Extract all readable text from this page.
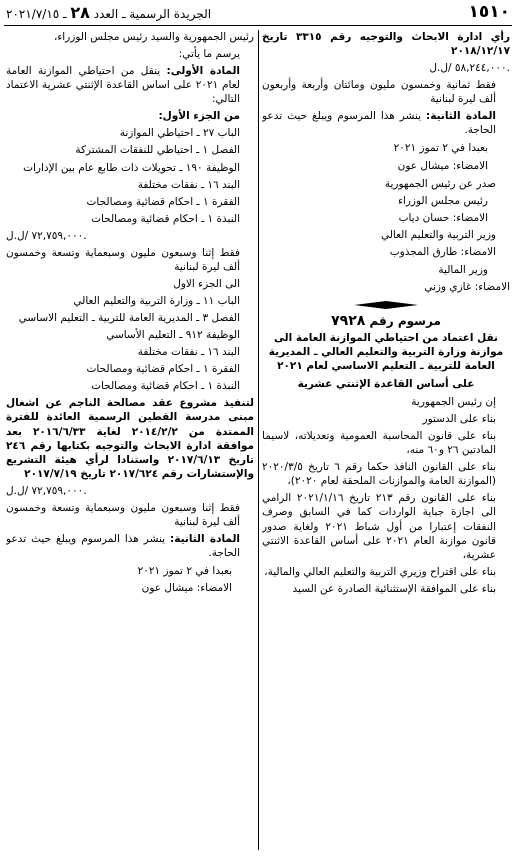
١٥١٠
الجريدة الرسمية ـ العدد ٢٨ ـ ٢٠٢١/٧/١٥

رأي ادارة الابحاث والتوجيه رقم ٣٣١٥ تاريخ ٢٠١٨/١٢/١٧

٥٨,٢٤٤,٠٠٠ /ل.ل.

فقط ثمانية وخمسون مليون ومائتان وأربعة وأربعون ألف ليرة لبنانية

المادة الثانية: ينشر هذا المرسوم ويبلغ حيث تدعو الحاجة.

بعبدا في ٢ تموز ٢٠٢١

الامضاء: ميشال عون

صدر عن رئيس الجمهورية

رئيس مجلس الوزراء

الامضاء: حسان دياب

وزير التربية والتعليم العالي

الامضاء: طارق المجذوب

وزير المالية

الامضاء: غازي وزني

مرسوم رقم ٧٩٢٨

نقل اعتماد من احتياطي الموازنة العامة الى موازنة وزارة التربية والتعليم العالي ـ المديرية العامة للتربية ـ التعليم الاساسي لعام ٢٠٢١

على أساس القاعدة الإثنتي عشرية

إن رئيس الجمهورية

بناء على الدستور

بناء على قانون المحاسبة العمومية وتعديلاته، لاسيما المادتين ٢٦ و٦٠ منه،

بناء على القانون النافذ حكما رقم ٦ تاريخ ٢٠٢٠/٣/٥ (الموازنة العامة والموازنات الملحقة لعام ٢٠٢٠)،

بناء على القانون رقم ٢١٣ تاريخ ٢٠٢١/١/١٦ الرامي الى اجازة جباية الواردات كما في السابق وصرف النفقات إعتبارا من أول شباط ٢٠٢١ ولغاية صدور قانون موازنة العام ٢٠٢١ على أساس القاعدة الاثنتي عشرية،

بناء على اقتراح وزيري التربية والتعليم العالي والمالية،

بناء على الموافقة الإستثنائية الصادرة عن السيد

رئيس الجمهورية والسيد رئيس مجلس الوزراء،

يرسم ما يأتي:

المادة الأولى: ينقل من احتياطي الموازنة العامة لعام ٢٠٢١ على اساس القاعدة الإثنتي عشرية الاعتماد التالي:

من الجزء الأول:

الباب ٢٧ ـ احتياطي الموازنة

الفصل ١ ـ احتياطي للنفقات المشتركة

الوظيفة ١٩٠ ـ تحويلات ذات طابع عام بين الإدارات

البند ١٦ ـ نفقات مختلفة

الفقرة ١ ـ احكام قضائية ومصالحات

النبذة ١ ـ احكام قضائية ومصالحات

٧٢,٧٥٩,٠٠٠ /ل.ل.

فقط إثنا وسبعون مليون وسبعماية وتسعة وخمسون ألف ليرة لبنانية

الى الجزء الاول

الباب ١١ ـ وزارة التربية والتعليم العالي

الفصل ٣ ـ المديرية العامة للتربية ـ التعليم الاساسي

الوظيفة ٩١٢ ـ التعليم الأساسي

البند ١٦ ـ نفقات مختلفة

الفقرة ١ ـ احكام قضائية ومصالحات

النبذة ١ ـ احكام قضائية ومصالحات

لتنفيذ مشروع عقد مصالحة الناجم عن اشغال مبنى مدرسة القطين الرسمية العائدة للفترة الممتدة من ٢٠١٤/٢/٢ لغاية ٢٠١٦/٦/٣٣ بعد موافقة ادارة الابحاث والتوجيه بكتابها رقم ٢٤٦ تاريخ ٢٠١٧/٦/١٣ واستنادا لرأي هيئة التشريع والإستشارات رقم ٢٠١٧/٦٢٤ تاريخ ٢٠١٧/٧/١٩

٧٢,٧٥٩,٠٠٠ /ل.ل.

فقط إثنا وسبعون مليون وسبعماية وتسعة وخمسون ألف ليرة لبنانية

المادة الثانية: ينشر هذا المرسوم ويبلغ حيث تدعو الحاجة.

بعبدا في ٢ تموز ٢٠٢١

الامضاء: ميشال عون
